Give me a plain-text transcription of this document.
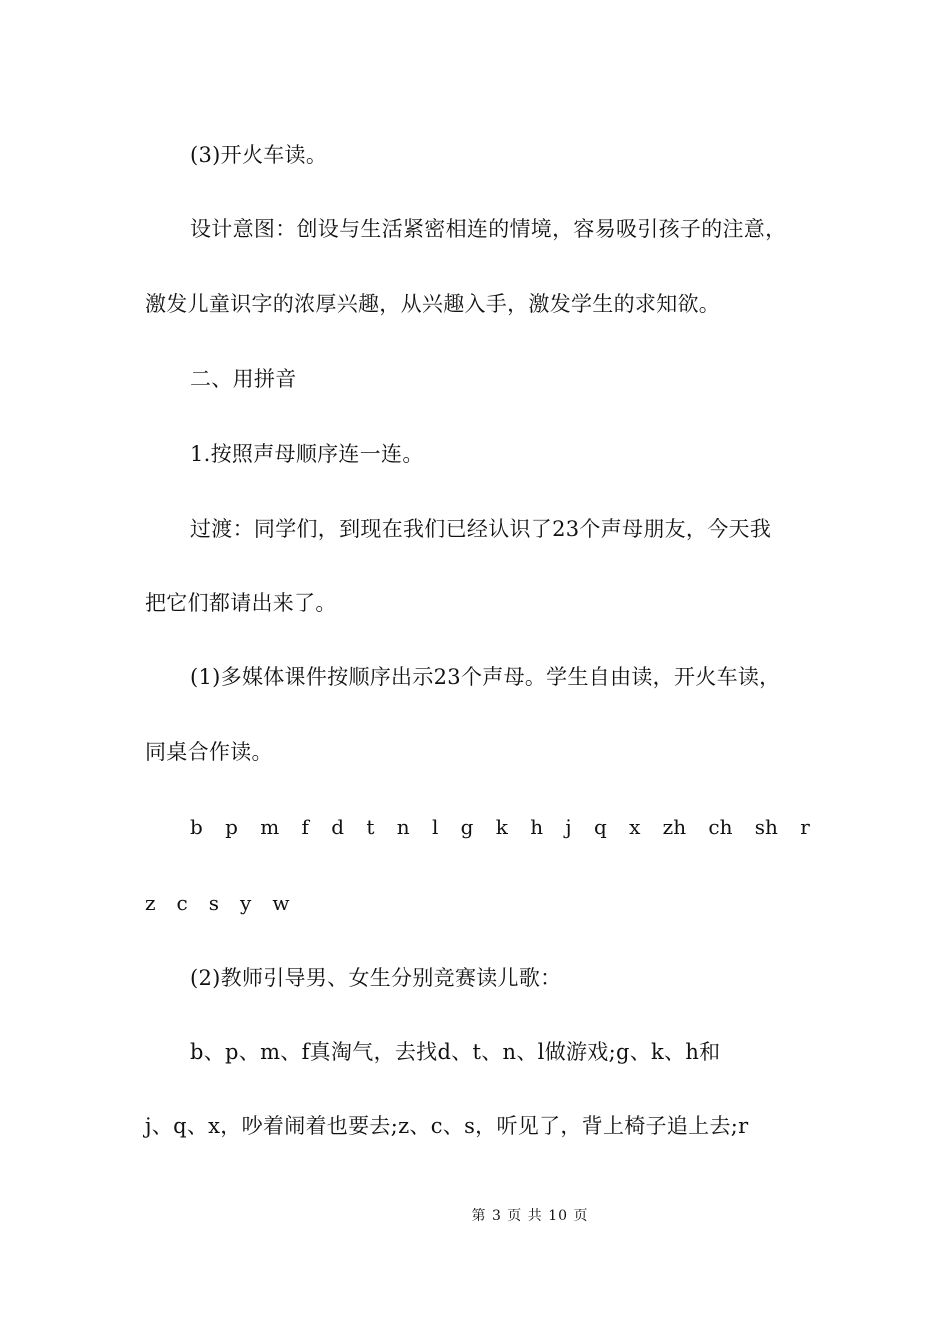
(3)开火车读。
设计意图：创设与生活紧密相连的情境，容易吸引孩子的注意，
激发儿童识字的浓厚兴趣，从兴趣入手，激发学生的求知欲。
二、用拼音
1.按照声母顺序连一连。
过渡：同学们，到现在我们已经认识了23个声母朋友，今天我
把它们都请出来了。
(1)多媒体课件按顺序出示23个声母。学生自由读，开火车读，
同桌合作读。
b p m f d t n l g k h j q x zh ch sh r
z c s y w
(2)教师引导男、女生分别竞赛读儿歌：
b、p、m、f真淘气，去找d、t、n、l做游戏;g、k、h和
j、q、x，吵着闹着也要去;z、c、s，听见了，背上椅子追上去;r
第 3 页 共 10 页
